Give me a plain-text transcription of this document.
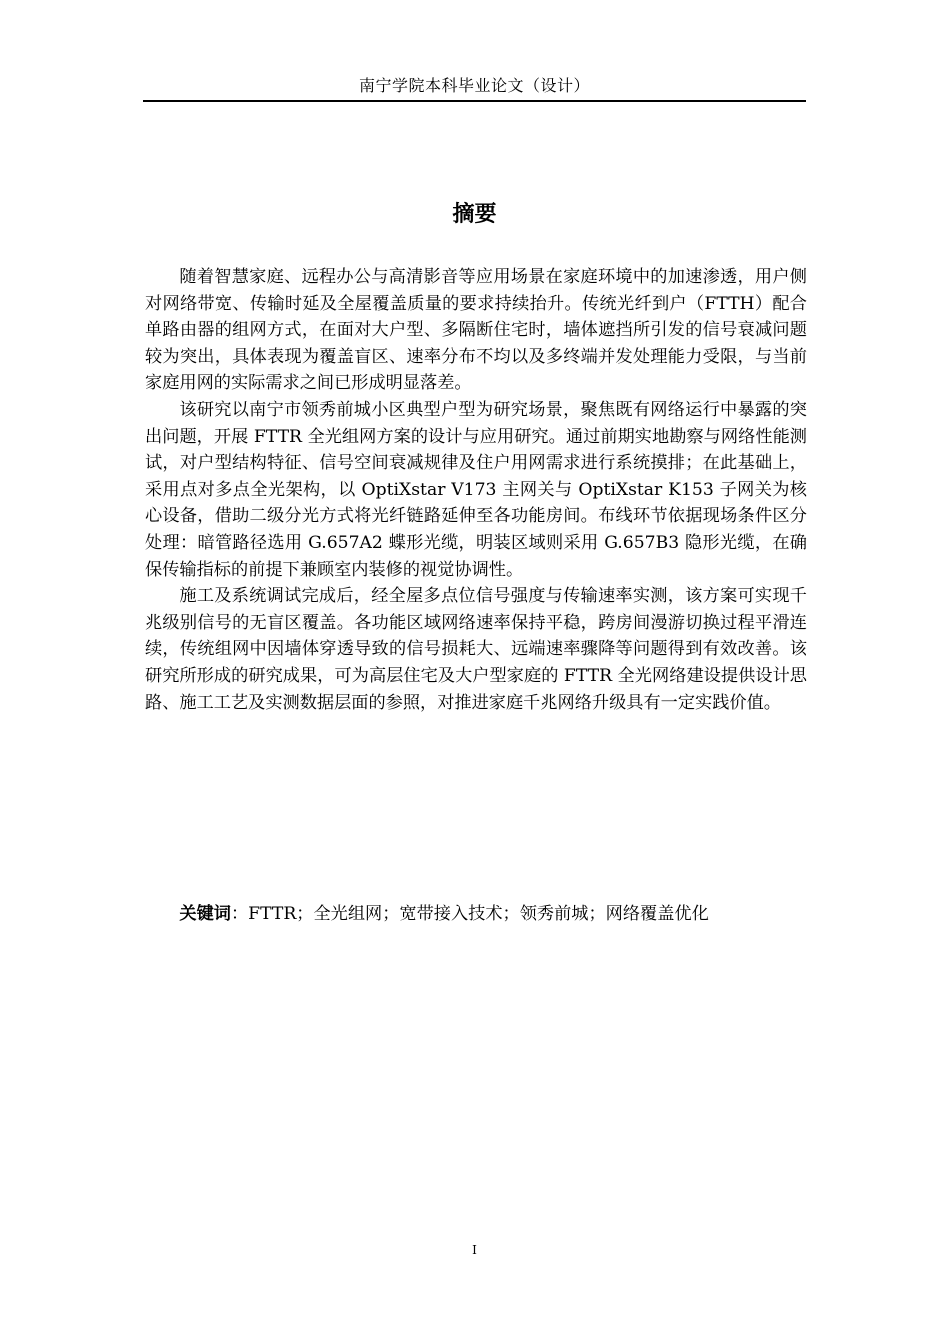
南宁学院本科毕业论文（设计）
摘要

随着智慧家庭、远程办公与高清影音等应用场景在家庭环境中的加速渗透，用户侧对网络带宽、传输时延及全屋覆盖质量的要求持续抬升。传统光纤到户（FTTH）配合单路由器的组网方式，在面对大户型、多隔断住宅时，墙体遮挡所引发的信号衰减问题较为突出，具体表现为覆盖盲区、速率分布不均以及多终端并发处理能力受限，与当前家庭用网的实际需求之间已形成明显落差。

该研究以南宁市领秀前城小区典型户型为研究场景，聚焦既有网络运行中暴露的突出问题，开展 FTTR 全光组网方案的设计与应用研究。通过前期实地勘察与网络性能测试，对户型结构特征、信号空间衰减规律及住户用网需求进行系统摸排；在此基础上，采用点对多点全光架构，以 OptiXstar V173 主网关与 OptiXstar K153 子网关为核心设备，借助二级分光方式将光纤链路延伸至各功能房间。布线环节依据现场条件区分处理：暗管路径选用 G.657A2 蝶形光缆，明装区域则采用 G.657B3 隐形光缆，在确保传输指标的前提下兼顾室内装修的视觉协调性。

施工及系统调试完成后，经全屋多点位信号强度与传输速率实测，该方案可实现千兆级别信号的无盲区覆盖。各功能区域网络速率保持平稳，跨房间漫游切换过程平滑连续，传统组网中因墙体穿透导致的信号损耗大、远端速率骤降等问题得到有效改善。该研究所形成的研究成果，可为高层住宅及大户型家庭的 FTTR 全光网络建设提供设计思路、施工工艺及实测数据层面的参照，对推进家庭千兆网络升级具有一定实践价值。

关键词：FTTR；全光组网；宽带接入技术；领秀前城；网络覆盖优化
I
